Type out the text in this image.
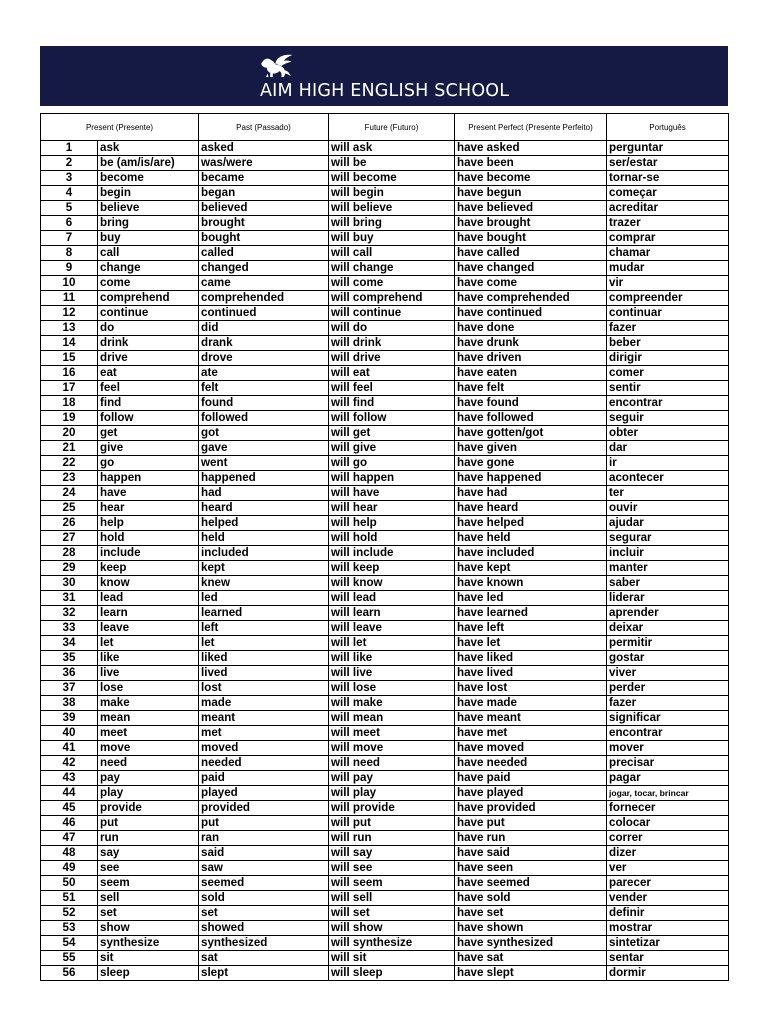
AIM HIGH ENGLISH SCHOOL
Present (Presente)		Past (Passado)	Future (Futuro)	Present Perfect (Presente Perfeito)	Português
1	ask	asked	will ask	have asked	perguntar
2	be (am/is/are)	was/were	will be	have been	ser/estar
3	become	became	will become	have become	tornar-se
4	begin	began	will begin	have begun	começar
5	believe	believed	will believe	have believed	acreditar
6	bring	brought	will bring	have brought	trazer
7	buy	bought	will buy	have bought	comprar
8	call	called	will call	have called	chamar
9	change	changed	will change	have changed	mudar
10	come	came	will come	have come	vir
11	comprehend	comprehended	will comprehend	have comprehended	compreender
12	continue	continued	will continue	have continued	continuar
13	do	did	will do	have done	fazer
14	drink	drank	will drink	have drunk	beber
15	drive	drove	will drive	have driven	dirigir
16	eat	ate	will eat	have eaten	comer
17	feel	felt	will feel	have felt	sentir
18	find	found	will find	have found	encontrar
19	follow	followed	will follow	have followed	seguir
20	get	got	will get	have gotten/got	obter
21	give	gave	will give	have given	dar
22	go	went	will go	have gone	ir
23	happen	happened	will happen	have happened	acontecer
24	have	had	will have	have had	ter
25	hear	heard	will hear	have heard	ouvir
26	help	helped	will help	have helped	ajudar
27	hold	held	will hold	have held	segurar
28	include	included	will include	have included	incluir
29	keep	kept	will keep	have kept	manter
30	know	knew	will know	have known	saber
31	lead	led	will lead	have led	liderar
32	learn	learned	will learn	have learned	aprender
33	leave	left	will leave	have left	deixar
34	let	let	will let	have let	permitir
35	like	liked	will like	have liked	gostar
36	live	lived	will live	have lived	viver
37	lose	lost	will lose	have lost	perder
38	make	made	will make	have made	fazer
39	mean	meant	will mean	have meant	significar
40	meet	met	will meet	have met	encontrar
41	move	moved	will move	have moved	mover
42	need	needed	will need	have needed	precisar
43	pay	paid	will pay	have paid	pagar
44	play	played	will play	have played	jogar, tocar, brincar
45	provide	provided	will provide	have provided	fornecer
46	put	put	will put	have put	colocar
47	run	ran	will run	have run	correr
48	say	said	will say	have said	dizer
49	see	saw	will see	have seen	ver
50	seem	seemed	will seem	have seemed	parecer
51	sell	sold	will sell	have sold	vender
52	set	set	will set	have set	definir
53	show	showed	will show	have shown	mostrar
54	synthesize	synthesized	will synthesize	have synthesized	sintetizar
55	sit	sat	will sit	have sat	sentar
56	sleep	slept	will sleep	have slept	dormir
